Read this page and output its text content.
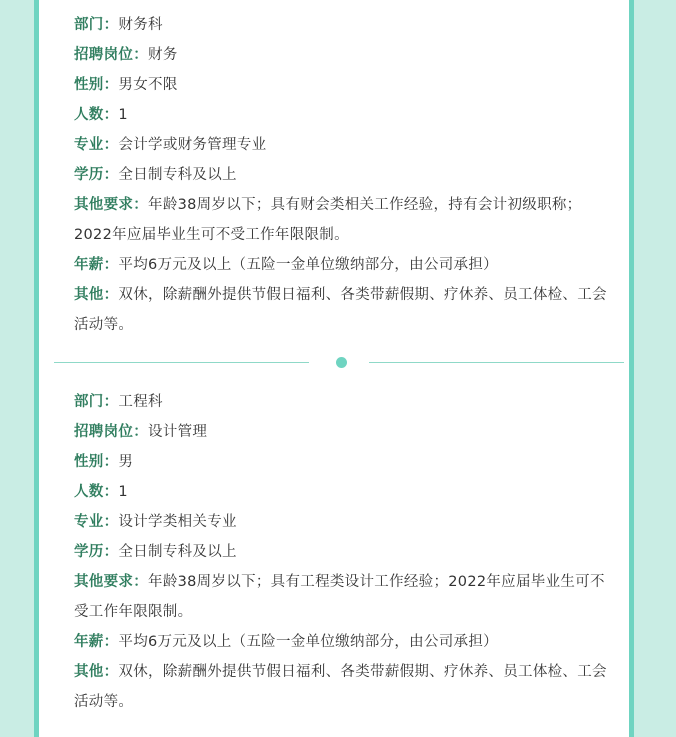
部门：财务科
招聘岗位：财务
性别：男女不限
人数：1
专业：会计学或财务管理专业
学历：全日制专科及以上
其他要求：年龄38周岁以下；具有财会类相关工作经验，持有会计初级职称；2022年应届毕业生可不受工作年限限制。
年薪：平均6万元及以上（五险一金单位缴纳部分，由公司承担）
其他：双休，除薪酬外提供节假日福利、各类带薪假期、疗休养、员工体检、工会活动等。
部门：工程科
招聘岗位：设计管理
性别：男
人数：1
专业：设计学类相关专业
学历：全日制专科及以上
其他要求：年龄38周岁以下；具有工程类设计工作经验；2022年应届毕业生可不受工作年限限制。
年薪：平均6万元及以上（五险一金单位缴纳部分，由公司承担）
其他：双休，除薪酬外提供节假日福利、各类带薪假期、疗休养、员工体检、工会活动等。
